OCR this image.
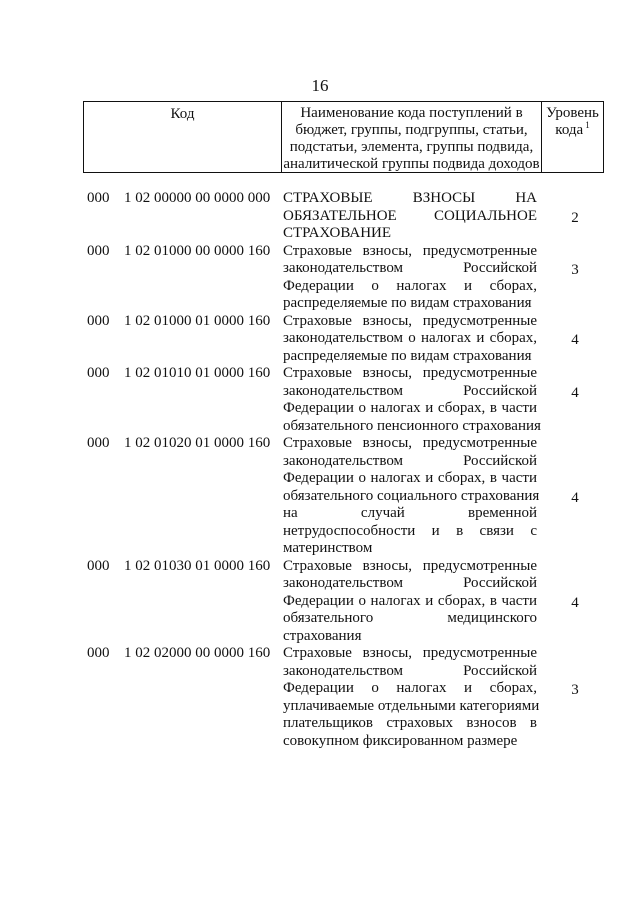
16
Код	Наименование кода поступлений в
бюджет, группы, подгруппы, статьи,
подстатьи, элемента, группы подвида,
аналитической группы подвида доходов
Уровень
кода $^1$
000 1 02 00000 00 0000 000 СТРАХОВЫЕ ВЗНОСЫ НА
ОБЯЗАТЕЛЬНОЕ СОЦИАЛЬНОЕ
СТРАХОВАНИЕ
2
000 1 02 01000 00 0000 160 Страховые взносы, предусмотренные
законодательством Российской
Федерации о налогах и сборах,
распределяемые по видам страхования
3
000 1 02 01000 01 0000 160 Страховые взносы, предусмотренные
законодательством о налогах и сборах,
распределяемые по видам страхования
4
000 1 02 01010 01 0000 160 Страховые взносы, предусмотренные
законодательством Российской
Федерации о налогах и сборах, в части
обязательного пенсионного страхования
4
000 1 02 01020 01 0000 160 Страховые взносы, предусмотренные
законодательством Российской
Федерации о налогах и сборах, в части
обязательного социального страхования
на случай временной
нетрудоспособности и в связи с
материнством
4
000 1 02 01030 01 0000 160 Страховые взносы, предусмотренные
законодательством Российской
Федерации о налогах и сборах, в части
обязательного медицинского
страхования
4
000 1 02 02000 00 0000 160 Страховые взносы, предусмотренные
законодательством Российской
Федерации о налогах и сборах,
уплачиваемые отдельными категориями
плательщиков страховых взносов в
совокупном фиксированном размере
3
